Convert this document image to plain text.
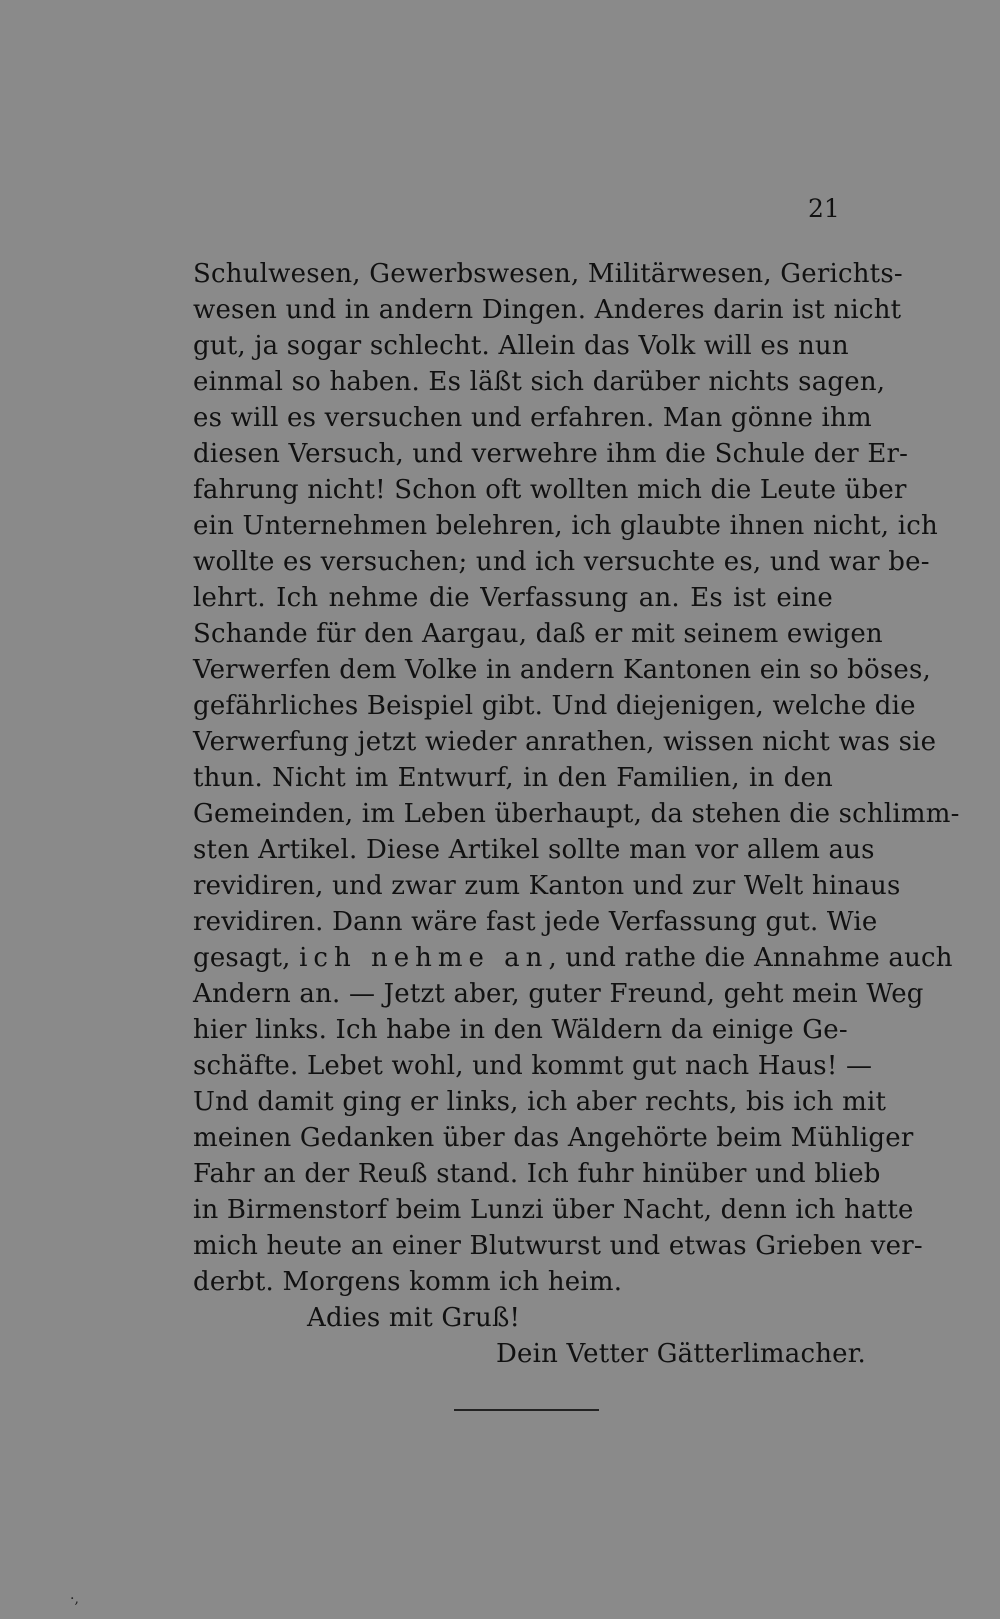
21
Schulwesen, Gewerbswesen, Militärwesen, Gerichts-
wesen und in andern Dingen. Anderes darin ist nicht
gut, ja sogar schlecht. Allein das Volk will es nun
einmal so haben. Es läßt sich darüber nichts sagen,
es will es versuchen und erfahren. Man gönne ihm
diesen Versuch, und verwehre ihm die Schule der Er-
fahrung nicht! Schon oft wollten mich die Leute über
ein Unternehmen belehren, ich glaubte ihnen nicht, ich
wollte es versuchen; und ich versuchte es, und war be-
lehrt. Ich nehme die Verfassung an. Es ist eine
Schande für den Aargau, daß er mit seinem ewigen
Verwerfen dem Volke in andern Kantonen ein so böses,
gefährliches Beispiel gibt. Und diejenigen, welche die
Verwerfung jetzt wieder anrathen, wissen nicht was sie
thun. Nicht im Entwurf, in den Familien, in den
Gemeinden, im Leben überhaupt, da stehen die schlimm-
sten Artikel. Diese Artikel sollte man vor allem aus
revidiren, und zwar zum Kanton und zur Welt hinaus
revidiren. Dann wäre fast jede Verfassung gut. Wie
gesagt, ich nehme an, und rathe die Annahme auch
Andern an. — Jetzt aber, guter Freund, geht mein Weg
hier links. Ich habe in den Wäldern da einige Ge-
schäfte. Lebet wohl, und kommt gut nach Haus! —
Und damit ging er links, ich aber rechts, bis ich mit
meinen Gedanken über das Angehörte beim Mühliger
Fahr an der Reuß stand. Ich fuhr hinüber und blieb
in Birmenstorf beim Lunzi über Nacht, denn ich hatte
mich heute an einer Blutwurst und etwas Grieben ver-
derbt. Morgens komm ich heim.
Adies mit Gruß!
Dein Vetter Gätterlimacher.
·,
